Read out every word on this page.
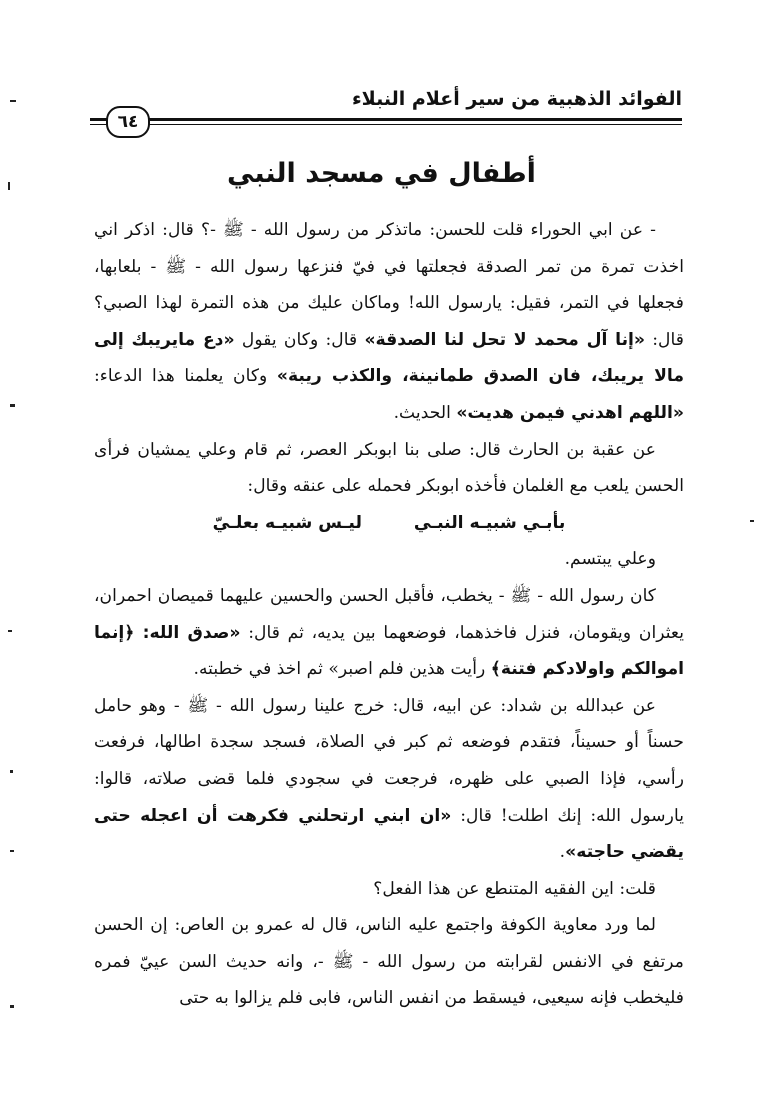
الفوائد الذهبية من سير أعلام النبلاء
٦٤
أطفال في مسجد النبي

- عن ابي الحوراء قلت للحسن: ماتذكر من رسول الله - ﷺ -؟ قال: اذكر اني اخذت تمرة من تمر الصدقة فجعلتها في فيّ فنزعها رسول الله - ﷺ - بلعابها، فجعلها في التمر، فقيل: يارسول الله! وماكان عليك من هذه التمرة لهذا الصبي؟ قال: «إنا آل محمد لا تحل لنا الصدقة» قال: وكان يقول «دع مايريبك إلى مالا يريبك، فان الصدق طمانينة، والكذب ريبة» وكان يعلمنا هذا الدعاء: «اللهم اهدني فيمن هديت» الحديث.

عن عقبة بن الحارث قال: صلى بنا ابوبكر العصر، ثم قام وعلي يمشيان فرأى الحسن يلعب مع الغلمان فأخذه ابوبكر فحمله على عنقه وقال:

بأبـي شبيـه النبـيليـس شبيـه بعلـيّ

وعلي يبتسم.

كان رسول الله - ﷺ - يخطب، فأقبل الحسن والحسين عليهما قميصان احمران، يعثران ويقومان، فنزل فاخذهما، فوضعهما بين يديه، ثم قال: «صدق الله: ﴿إنما اموالكم واولادكم فتنة﴾ رأيت هذين فلم اصبر» ثم اخذ في خطبته.

عن عبدالله بن شداد: عن ابيه، قال: خرج علينا رسول الله - ﷺ - وهو حامل حسناً أو حسيناً، فتقدم فوضعه ثم كبر في الصلاة، فسجد سجدة اطالها، فرفعت رأسي، فإذا الصبي على ظهره، فرجعت في سجودي فلما قضى صلاته، قالوا: يارسول الله: إنك اطلت! قال: «ان ابني ارتحلني فكرهت أن اعجله حتى يقضي حاجته».

قلت: اين الفقيه المتنطع عن هذا الفعل؟

لما ورد معاوية الكوفة واجتمع عليه الناس، قال له عمرو بن العاص: إن الحسن مرتفع في الانفس لقرابته من رسول الله - ﷺ -، وانه حديث السن عييّ فمره فليخطب فإنه سيعيى، فيسقط من انفس الناس، فابى فلم يزالوا به حتى
